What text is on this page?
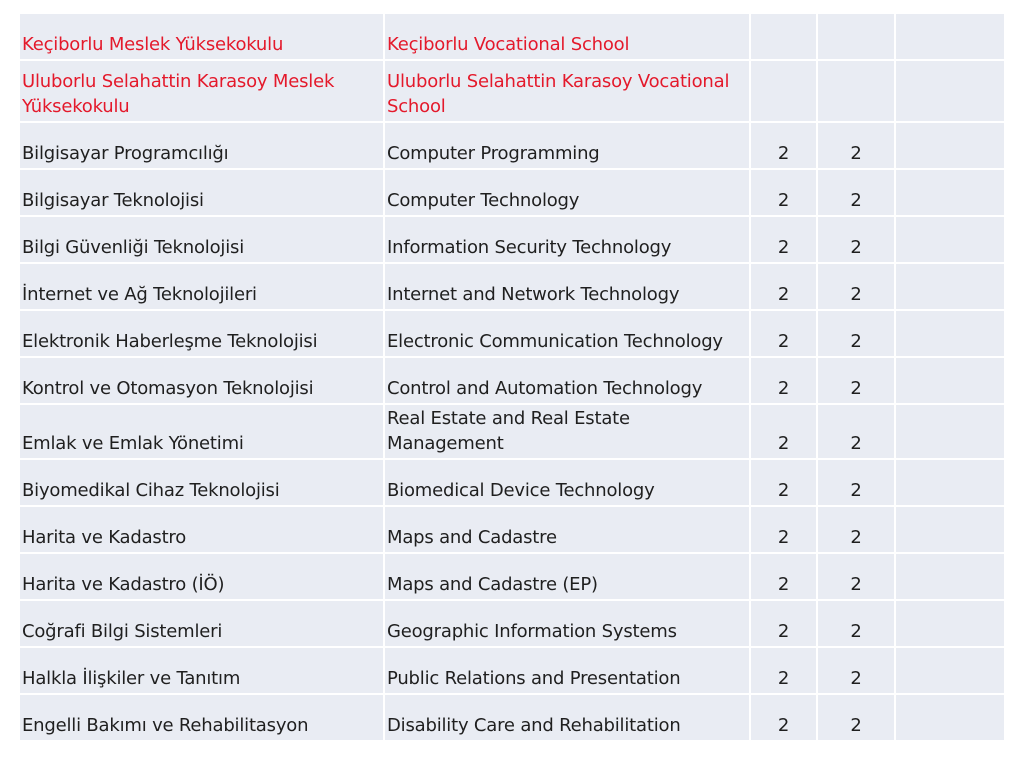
Keçiborlu Meslek Yüksekokulu	Keçiborlu Vocational School			
Uluborlu Selahattin Karasoy Meslek Yüksekokulu	Uluborlu Selahattin Karasoy Vocational School			
Bilgisayar Programcılığı	Computer Programming	2	2	
Bilgisayar Teknolojisi	Computer Technology	2	2	
Bilgi Güvenliği Teknolojisi	Information Security Technology	2	2	
İnternet ve Ağ Teknolojileri	Internet and Network Technology	2	2	
Elektronik Haberleşme Teknolojisi	Electronic Communication Technology	2	2	
Kontrol ve Otomasyon Teknolojisi	Control and Automation Technology	2	2	
Emlak ve Emlak Yönetimi	Real Estate and Real Estate Management	2	2	
Biyomedikal Cihaz Teknolojisi	Biomedical Device Technology	2	2	
Harita ve Kadastro	Maps and Cadastre	2	2	
Harita ve Kadastro (İÖ)	Maps and Cadastre (EP)	2	2	
Coğrafi Bilgi Sistemleri	Geographic Information Systems	2	2	
Halkla İlişkiler ve Tanıtım	Public Relations and Presentation	2	2	
Engelli Bakımı ve Rehabilitasyon	Disability Care and Rehabilitation	2	2	
